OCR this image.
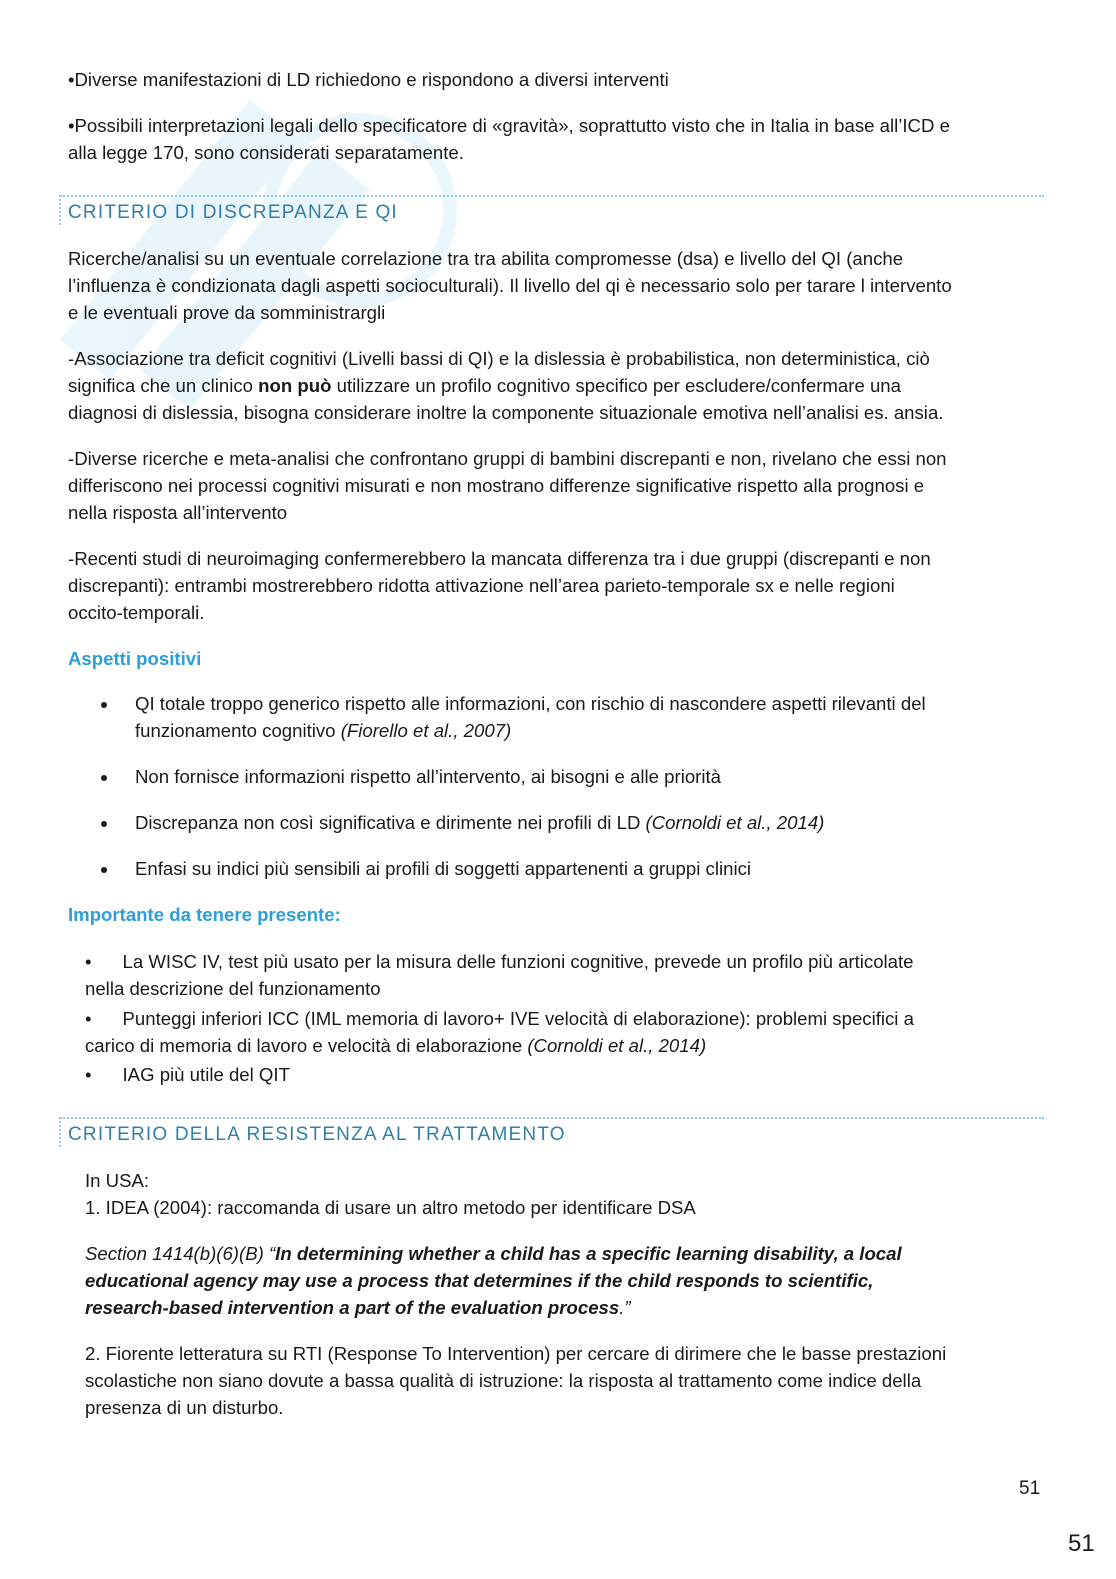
•Diverse manifestazioni di LD richiedono e rispondono a diversi interventi
•Possibili interpretazioni legali dello specificatore di «gravità», soprattutto visto che in Italia in base all’ICD e
alla legge 170, sono considerati separatamente.
CRITERIO DI DISCREPANZA E QI
Ricerche/analisi su un eventuale correlazione tra tra abilita compromesse (dsa) e livello del QI (anche
l’influenza è condizionata dagli aspetti socioculturali). Il livello del qi è necessario solo per tarare l intervento
e le eventuali prove da somministrargli
-Associazione tra deficit cognitivi (Livelli bassi di QI) e la dislessia è probabilistica, non deterministica, ciò
significa che un clinico non può utilizzare un profilo cognitivo specifico per escludere/confermare una
diagnosi di dislessia, bisogna considerare inoltre la componente situazionale emotiva nell’analisi es. ansia.
-Diverse ricerche e meta-analisi che confrontano gruppi di bambini discrepanti e non, rivelano che essi non
differiscono nei processi cognitivi misurati e non mostrano differenze significative rispetto alla prognosi e
nella risposta all’intervento
-Recenti studi di neuroimaging confermerebbero la mancata differenza tra i due gruppi (discrepanti e non
discrepanti): entrambi mostrerebbero ridotta attivazione nell’area parieto-temporale sx e nelle regioni
occito-temporali.
Aspetti positivi
QI totale troppo generico rispetto alle informazioni, con rischio di nascondere aspetti rilevanti del
funzionamento cognitivo (Fiorello et al., 2007)
Non fornisce informazioni rispetto all’intervento, ai bisogni e alle priorità
Discrepanza non così significativa e dirimente nei profili di LD (Cornoldi et al., 2014)
Enfasi su indici più sensibili ai profili di soggetti appartenenti a gruppi clinici
Importante da tenere presente:
•      La WISC IV, test più usato per la misura delle funzioni cognitive, prevede un profilo più articolate
nella descrizione del funzionamento
•      Punteggi inferiori ICC (IML memoria di lavoro+ IVE velocità di elaborazione): problemi specifici a
carico di memoria di lavoro e velocità di elaborazione (Cornoldi et al., 2014)
•      IAG più utile del QIT
CRITERIO DELLA RESISTENZA AL TRATTAMENTO
In USA:
1. IDEA (2004): raccomanda di usare un altro metodo per identificare DSA
Section 1414(b)(6)(B) “In determining whether a child has a specific learning disability, a local
educational agency may use a process that determines if the child responds to scientific,
research-based intervention a part of the evaluation process.”
2. Fiorente letteratura su RTI (Response To Intervention) per cercare di dirimere che le basse prestazioni
scolastiche non siano dovute a bassa qualità di istruzione: la risposta al trattamento come indice della
presenza di un disturbo.
51
51
